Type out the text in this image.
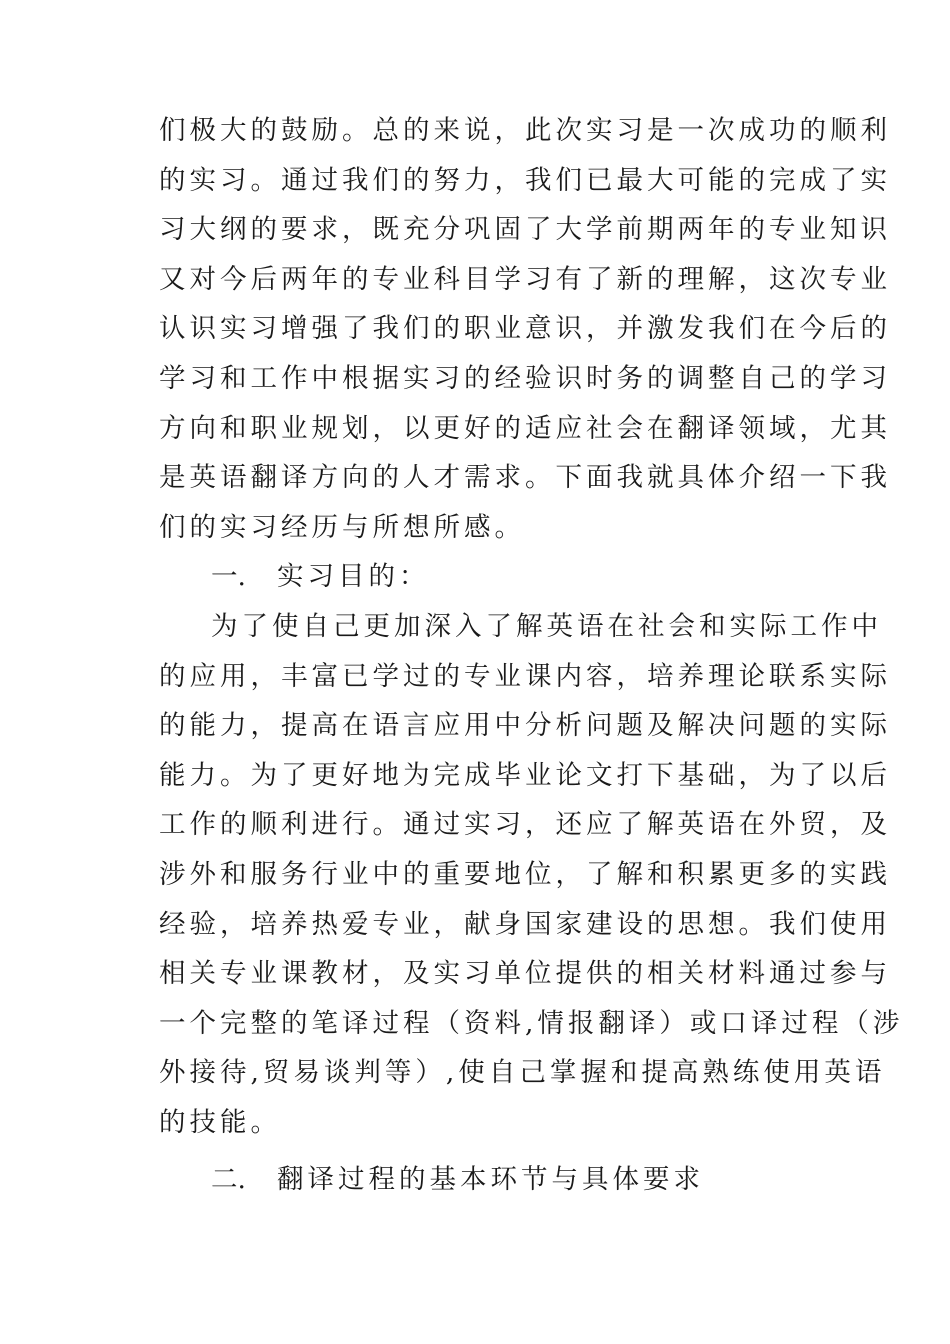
们极大的鼓励。总的来说，此次实习是一次成功的顺利
的实习。通过我们的努力，我们已最大可能的完成了实
习大纲的要求，既充分巩固了大学前期两年的专业知识
又对今后两年的专业科目学习有了新的理解，这次专业
认识实习增强了我们的职业意识，并激发我们在今后的
学习和工作中根据实习的经验识时务的调整自己的学习
方向和职业规划，以更好的适应社会在翻译领域，尤其
是英语翻译方向的人才需求。下面我就具体介绍一下我
们的实习经历与所想所感。
一. 实习目的：
为了使自己更加深入了解英语在社会和实际工作中
的应用，丰富已学过的专业课内容，培养理论联系实际
的能力，提高在语言应用中分析问题及解决问题的实际
能力。为了更好地为完成毕业论文打下基础，为了以后
工作的顺利进行。通过实习，还应了解英语在外贸，及
涉外和服务行业中的重要地位，了解和积累更多的实践
经验，培养热爱专业，献身国家建设的思想。我们使用
相关专业课教材，及实习单位提供的相关材料通过参与
一个完整的笔译过程（资料,情报翻译）或口译过程（涉
外接待,贸易谈判等）,使自己掌握和提高熟练使用英语
的技能。
二. 翻译过程的基本环节与具体要求
